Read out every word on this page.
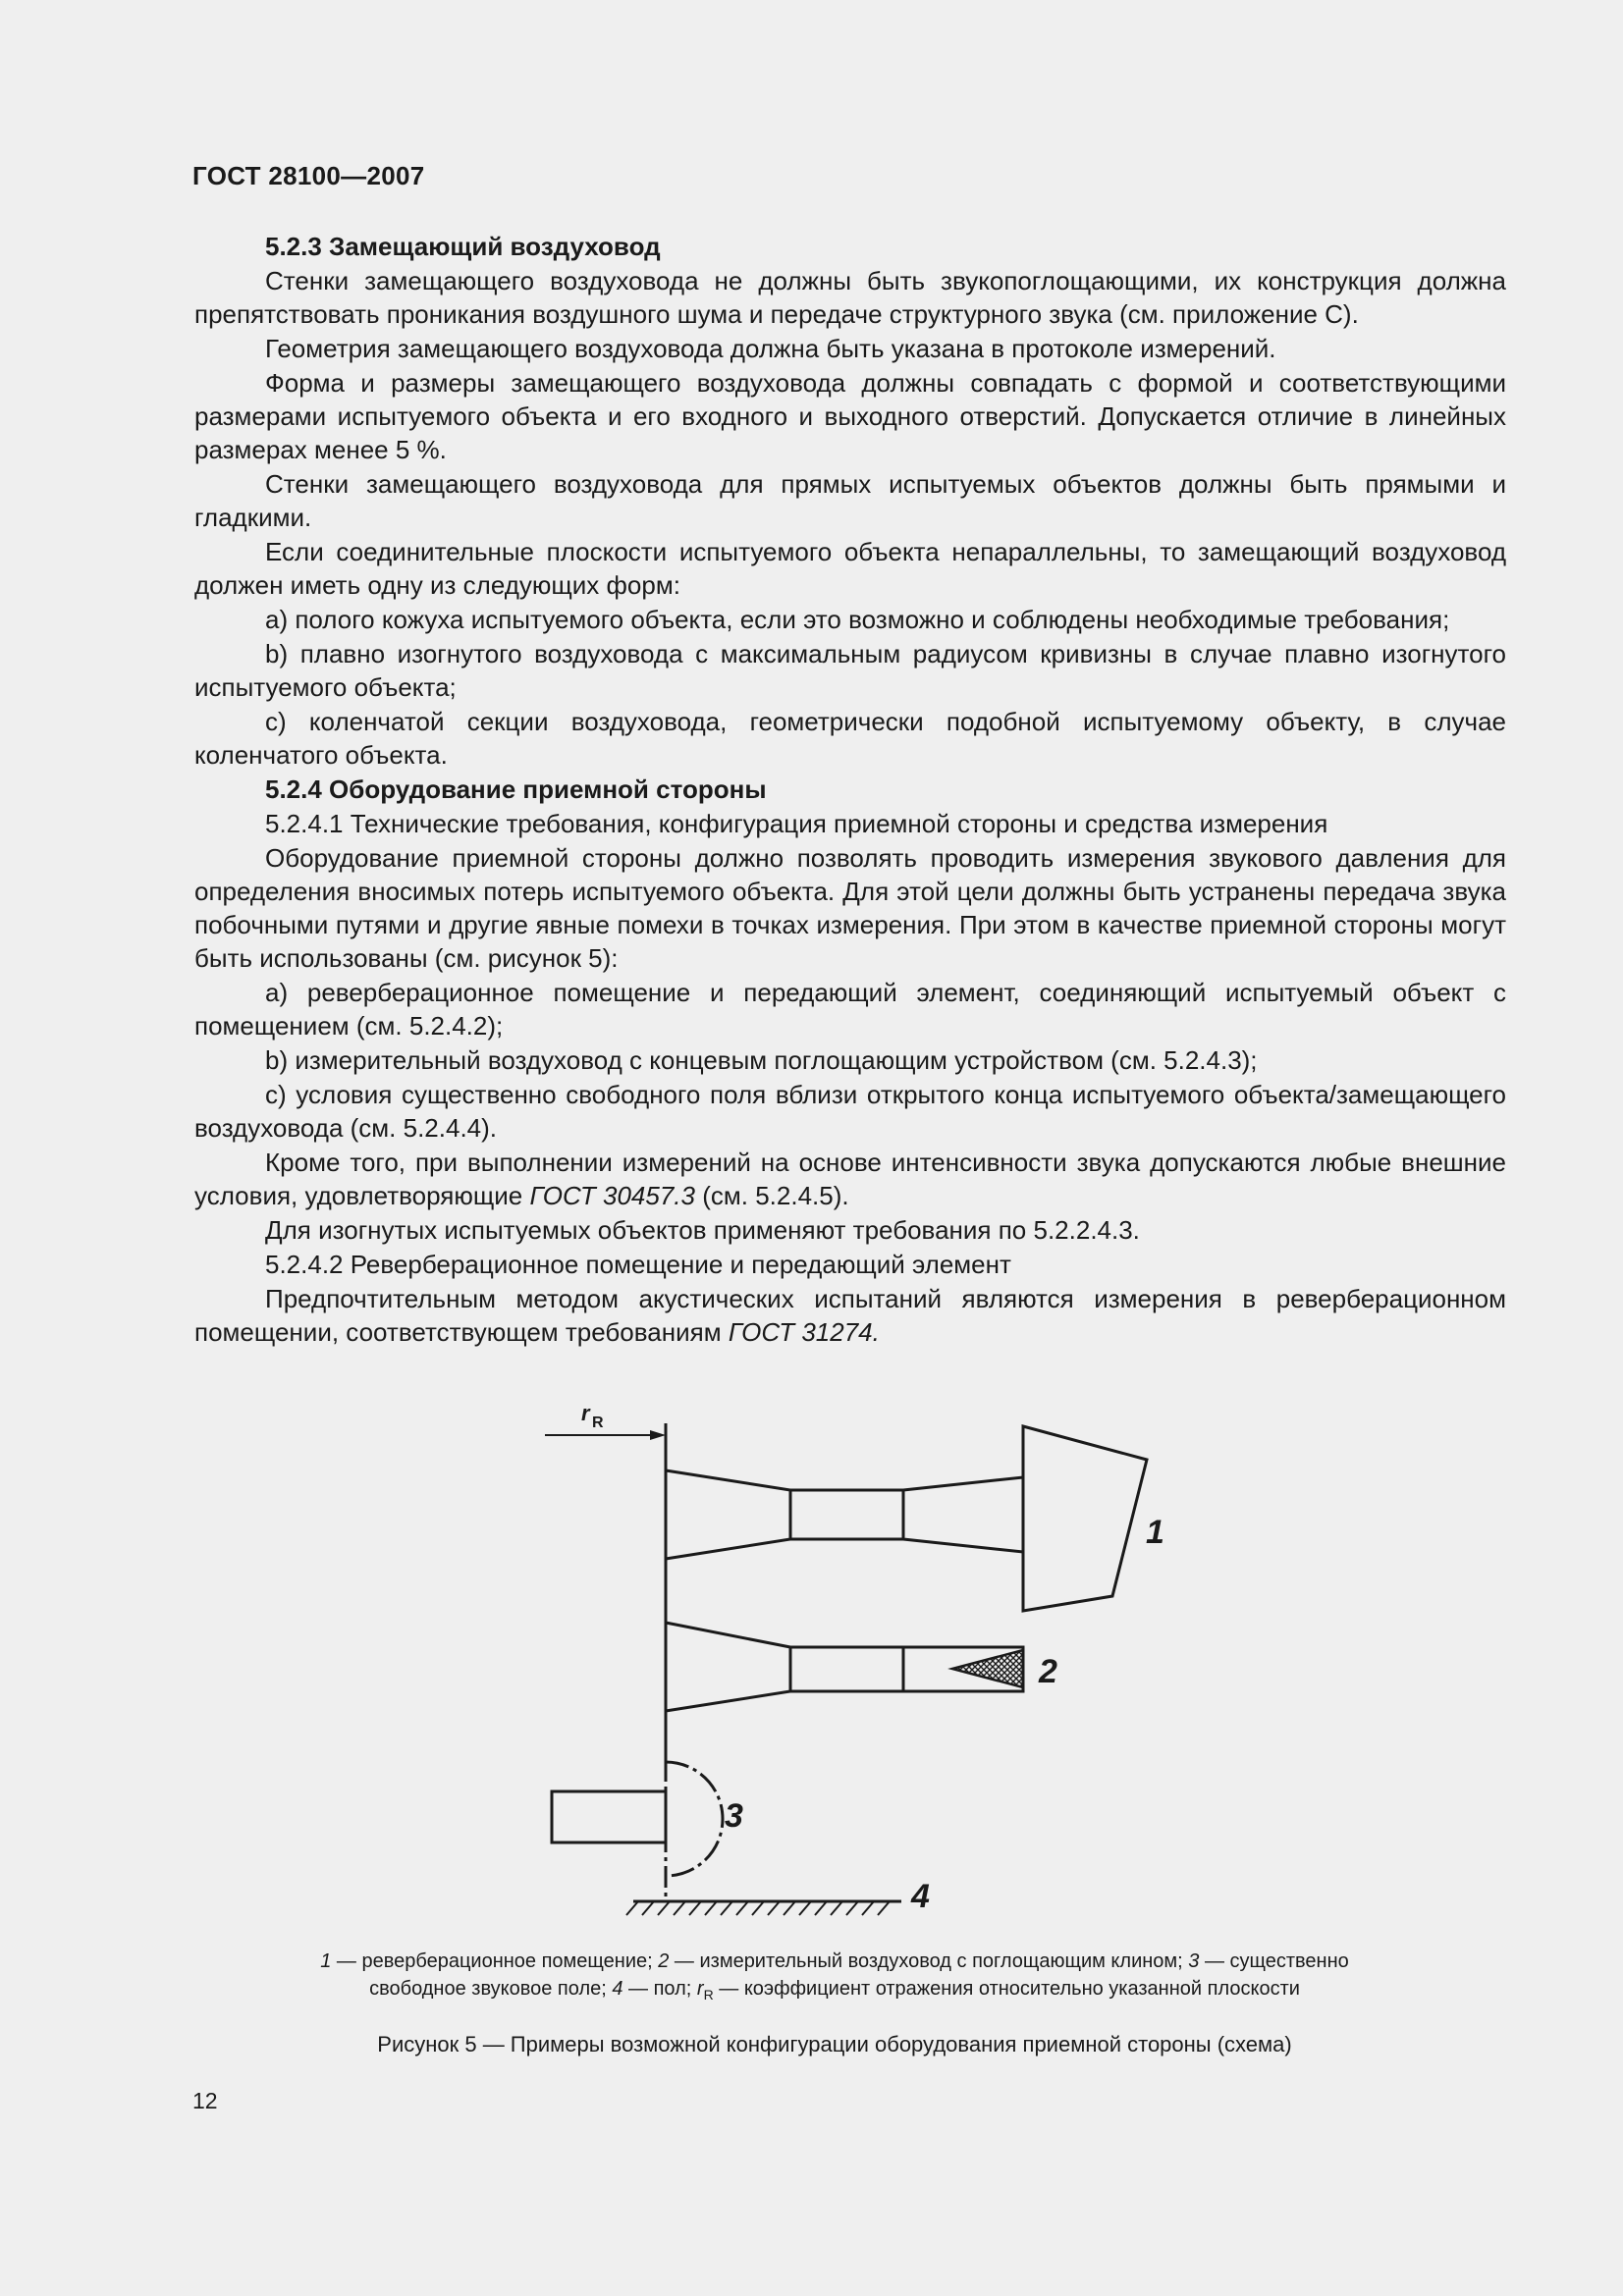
ГОСТ 28100—2007

5.2.3 Замещающий воздуховод

Стенки замещающего воздуховода не должны быть звукопоглощающими, их конструкция должна препятствовать проникания воздушного шума и передаче структурного звука (см. приложение С).

Геометрия замещающего воздуховода должна быть указана в протоколе измерений.

Форма и размеры замещающего воздуховода должны совпадать с формой и соответствующими размерами испытуемого объекта и его входного и выходного отверстий. Допускается отличие в линейных размерах менее 5 %.

Стенки замещающего воздуховода для прямых испытуемых объектов должны быть прямыми и гладкими.

Если соединительные плоскости испытуемого объекта непараллельны, то замещающий воздуховод должен иметь одну из следующих форм:

а) полого кожуха испытуемого объекта, если это возможно и соблюдены необходимые требования;

b) плавно изогнутого воздуховода с максимальным радиусом кривизны в случае плавно изогнутого испытуемого объекта;

c) коленчатой секции воздуховода, геометрически подобной испытуемому объекту, в случае коленчатого объекта.

5.2.4 Оборудование приемной стороны

5.2.4.1 Технические требования, конфигурация приемной стороны и средства измерения

Оборудование приемной стороны должно позволять проводить измерения звукового давления для определения вносимых потерь испытуемого объекта. Для этой цели должны быть устранены передача звука побочными путями и другие явные помехи в точках измерения. При этом в качестве приемной стороны могут быть использованы (см. рисунок 5):

а) реверберационное помещение и передающий элемент, соединяющий испытуемый объект с помещением (см. 5.2.4.2);

b) измерительный воздуховод с концевым поглощающим устройством (см. 5.2.4.3);

c) условия существенно свободного поля вблизи открытого конца испытуемого объекта/замещающего воздуховода (см. 5.2.4.4).

Кроме того, при выполнении измерений на основе интенсивности звука допускаются любые внешние условия, удовлетворяющие ГОСТ 30457.3 (см. 5.2.4.5).

Для изогнутых испытуемых объектов применяют требования по 5.2.2.4.3.

5.2.4.2 Реверберационное помещение и передающий элемент

Предпочтительным методом акустических испытаний являются измерения в реверберационном помещении, соответствующем требованиям ГОСТ 31274.

r R
1
2
3
4
1 — реверберационное помещение; 2 — измерительный воздуховод с поглощающим клином; 3 — существенно
свободное звуковое поле; 4 — пол; $r_R$ — коэффициент отражения относительно указанной плоскости
Рисунок 5 — Примеры возможной конфигурации оборудования приемной стороны (схема)
12
